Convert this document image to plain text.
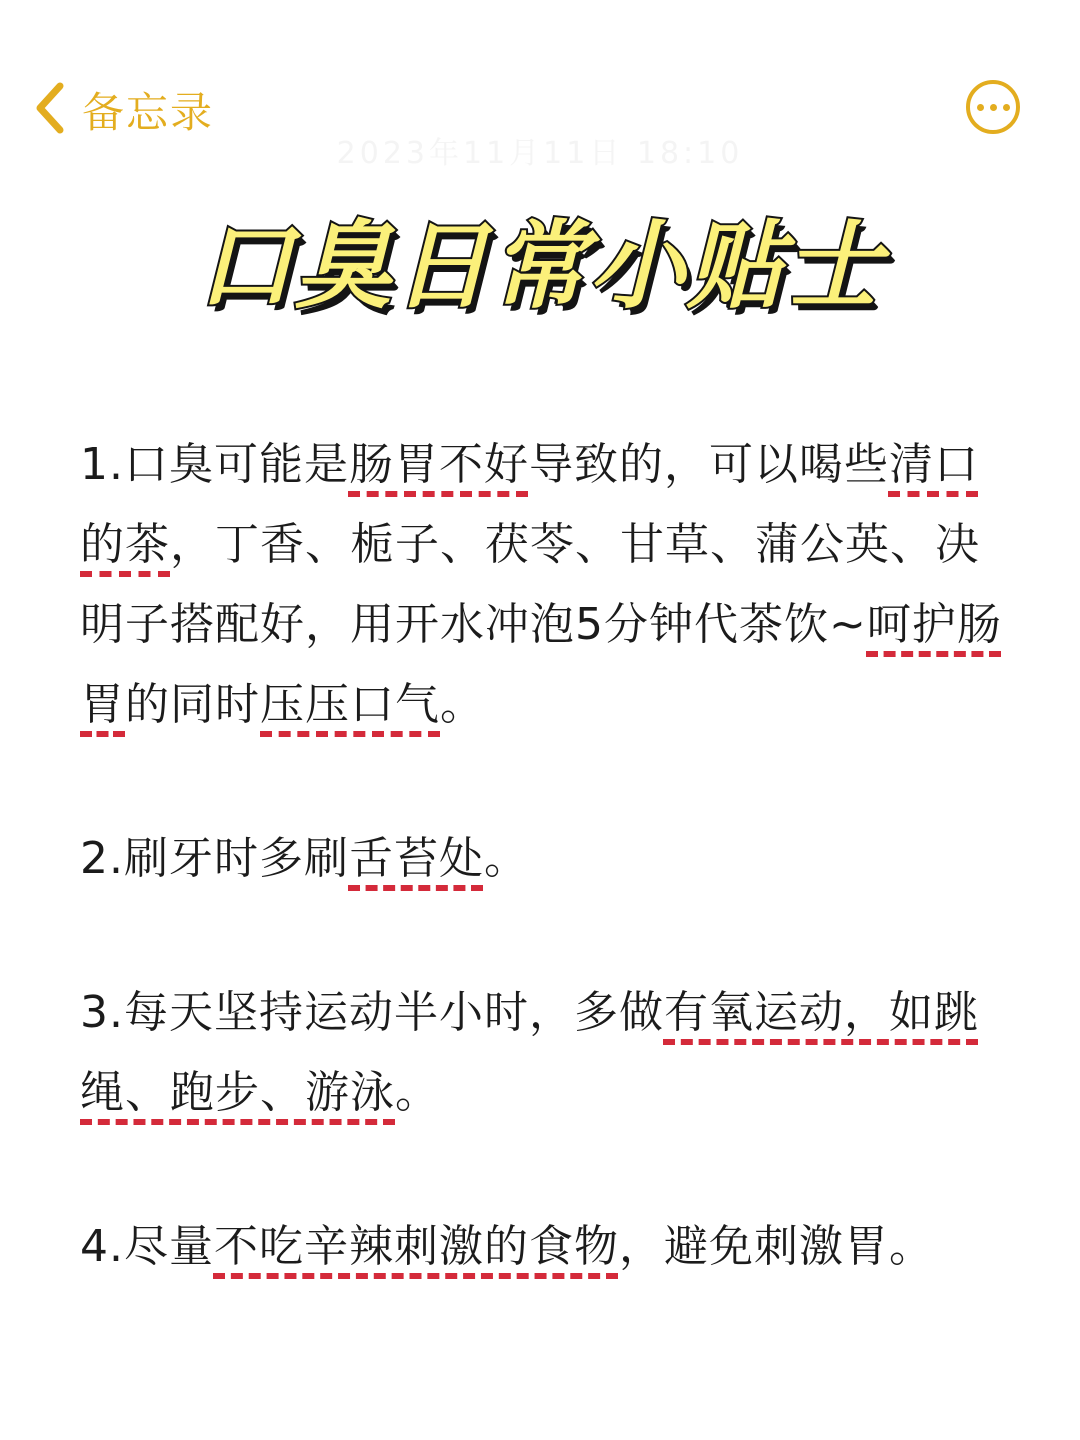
备忘录
2023年11月11日 18:10
口臭日常小贴士

1.口臭可能是肠胃不好导致的，可以喝些清口的茶，丁香、栀子、茯苓、甘草、蒲公英、决明子搭配好，用开水冲泡5分钟代茶饮~呵护肠胃的同时压压口气。

2.刷牙时多刷舌苔处。

3.每天坚持运动半小时，多做有氧运动，如跳绳、跑步、游泳。

4.尽量不吃辛辣刺激的食物，避免刺激胃。
